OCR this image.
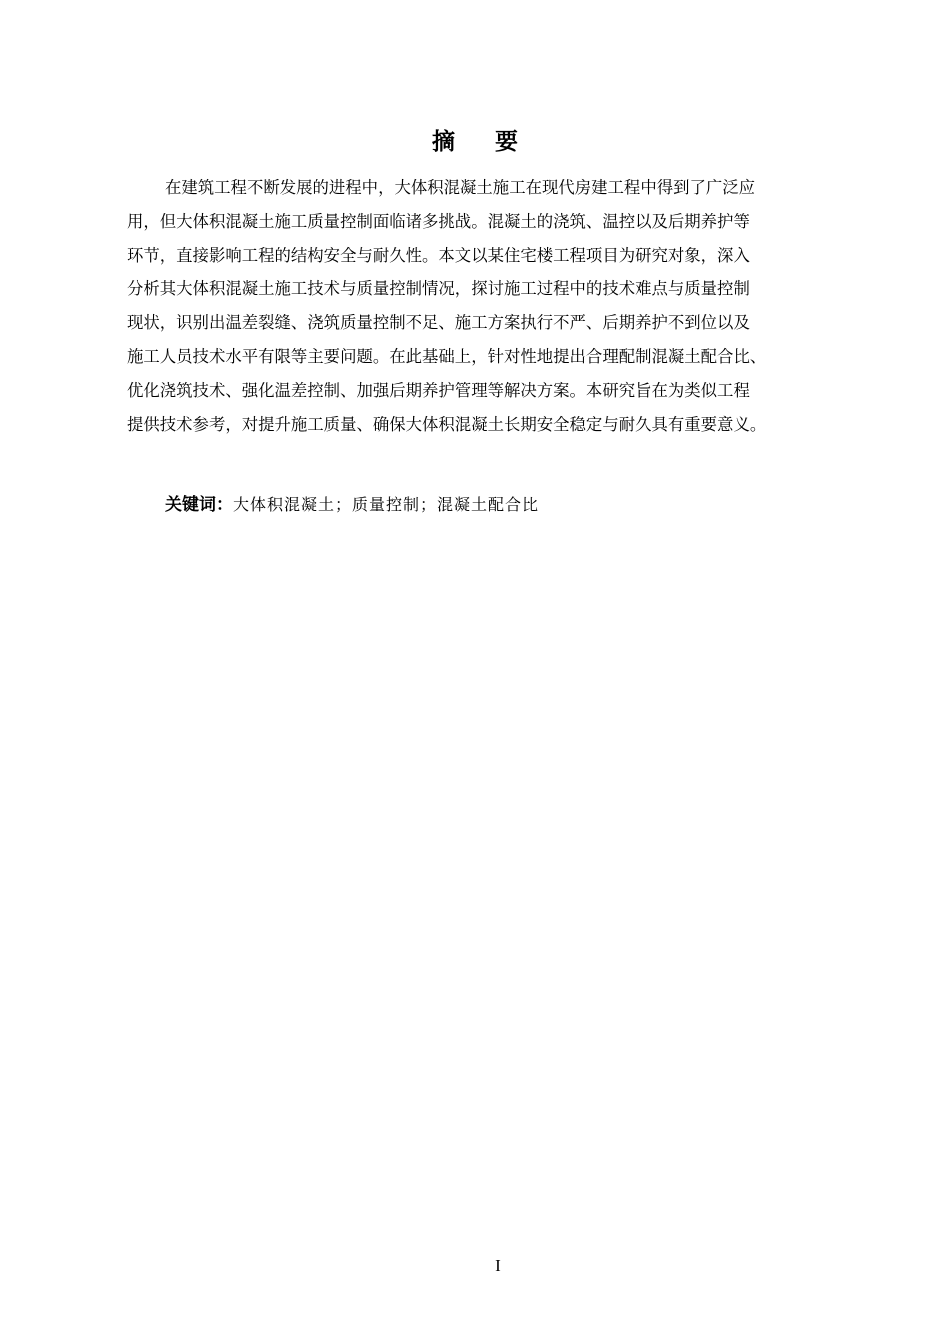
摘要
在建筑工程不断发展的进程中，大体积混凝土施工在现代房建工程中得到了广泛应
用，但大体积混凝土施工质量控制面临诸多挑战。混凝土的浇筑、温控以及后期养护等
环节，直接影响工程的结构安全与耐久性。本文以某住宅楼工程项目为研究对象，深入
分析其大体积混凝土施工技术与质量控制情况，探讨施工过程中的技术难点与质量控制
现状，识别出温差裂缝、浇筑质量控制不足、施工方案执行不严、后期养护不到位以及
施工人员技术水平有限等主要问题。在此基础上，针对性地提出合理配制混凝土配合比、
优化浇筑技术、强化温差控制、加强后期养护管理等解决方案。本研究旨在为类似工程
提供技术参考，对提升施工质量、确保大体积混凝土长期安全稳定与耐久具有重要意义。
关键词：大体积混凝土；质量控制；混凝土配合比
I
